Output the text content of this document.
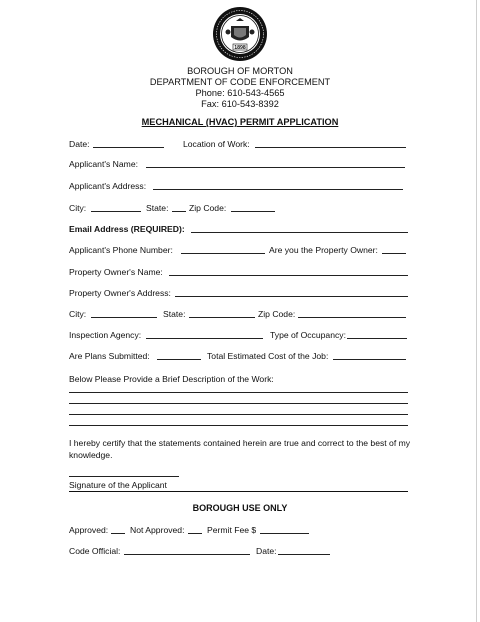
1898
BOROUGH OF MORTON
DEPARTMENT OF CODE ENFORCEMENT
Phone: 610-543-4565
Fax: 610-543-8392
MECHANICAL (HVAC) PERMIT APPLICATION
Date:	Location of Work:
Applicant's Name:
Applicant's Address:
City:	State: Zip Code:
Email Address (REQUIRED):
Applicant's Phone Number:	Are you the Property Owner:
Property Owner's Name:
Property Owner's Address:
City:	State:	Zip Code:
Inspection Agency:	Type of Occupancy:
Are Plans Submitted:	Total Estimated Cost of the Job:
Below Please Provide a Brief Description of the Work:
I hereby certify that the statements contained herein are true and correct to the best of my knowledge.
Signature of the Applicant
BOROUGH USE ONLY
Approved:	Not Approved:	Permit Fee $
Code Official:	Date:
